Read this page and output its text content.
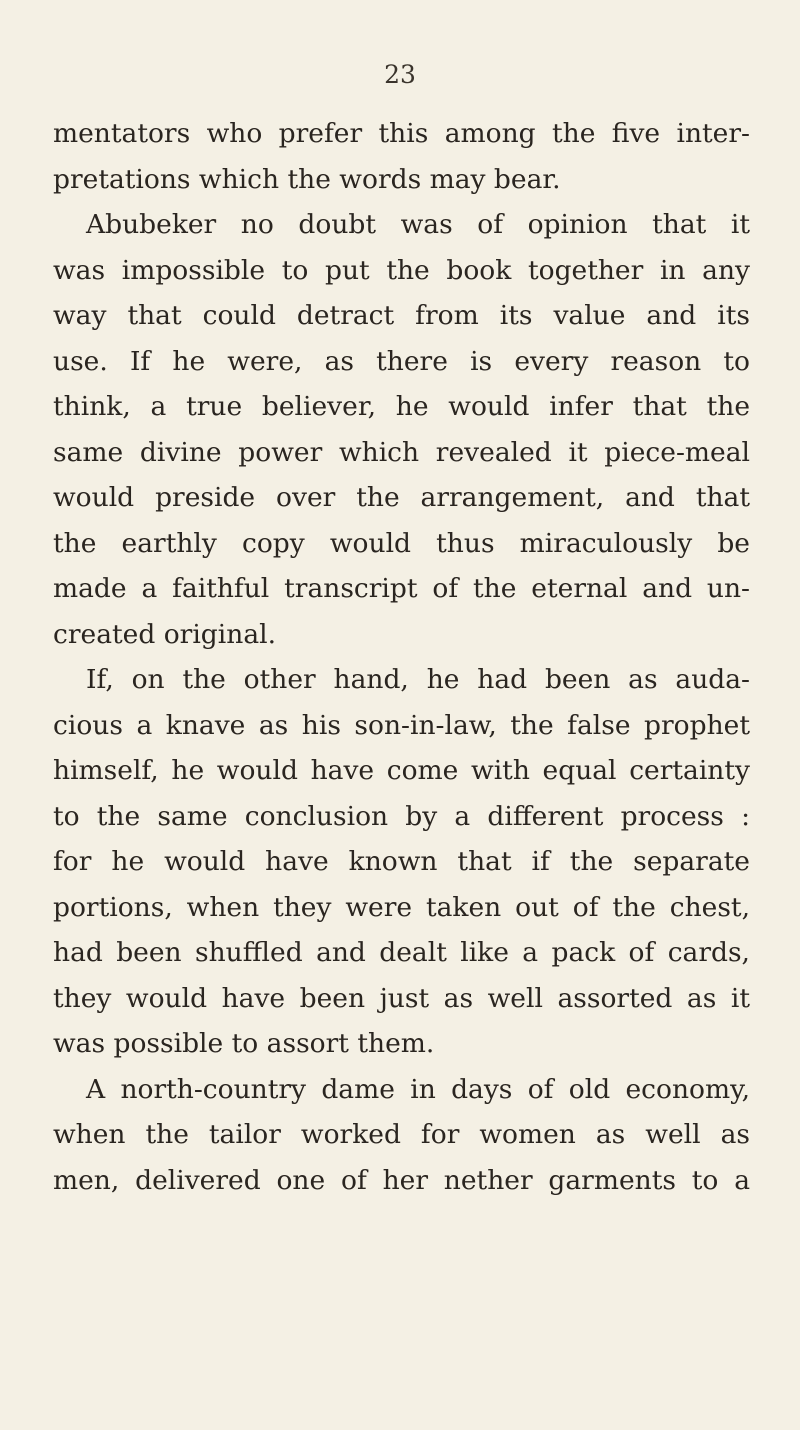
23
mentators who prefer this among the five inter-
pretations which the words may bear.
Abubeker no doubt was of opinion that it
was impossible to put the book together in any
way that could detract from its value and its
use. If he were, as there is every reason to
think, a true believer, he would infer that the
same divine power which revealed it piece-meal
would preside over the arrangement, and that
the earthly copy would thus miraculously be
made a faithful transcript of the eternal and un-
created original.
If, on the other hand, he had been as auda-
cious a knave as his son-in-law, the false prophet
himself, he would have come with equal certainty
to the same conclusion by a different process :
for he would have known that if the separate
portions, when they were taken out of the chest,
had been shuffled and dealt like a pack of cards,
they would have been just as well assorted as it
was possible to assort them.
A north-country dame in days of old economy,
when the tailor worked for women as well as
men, delivered one of her nether garments to a
